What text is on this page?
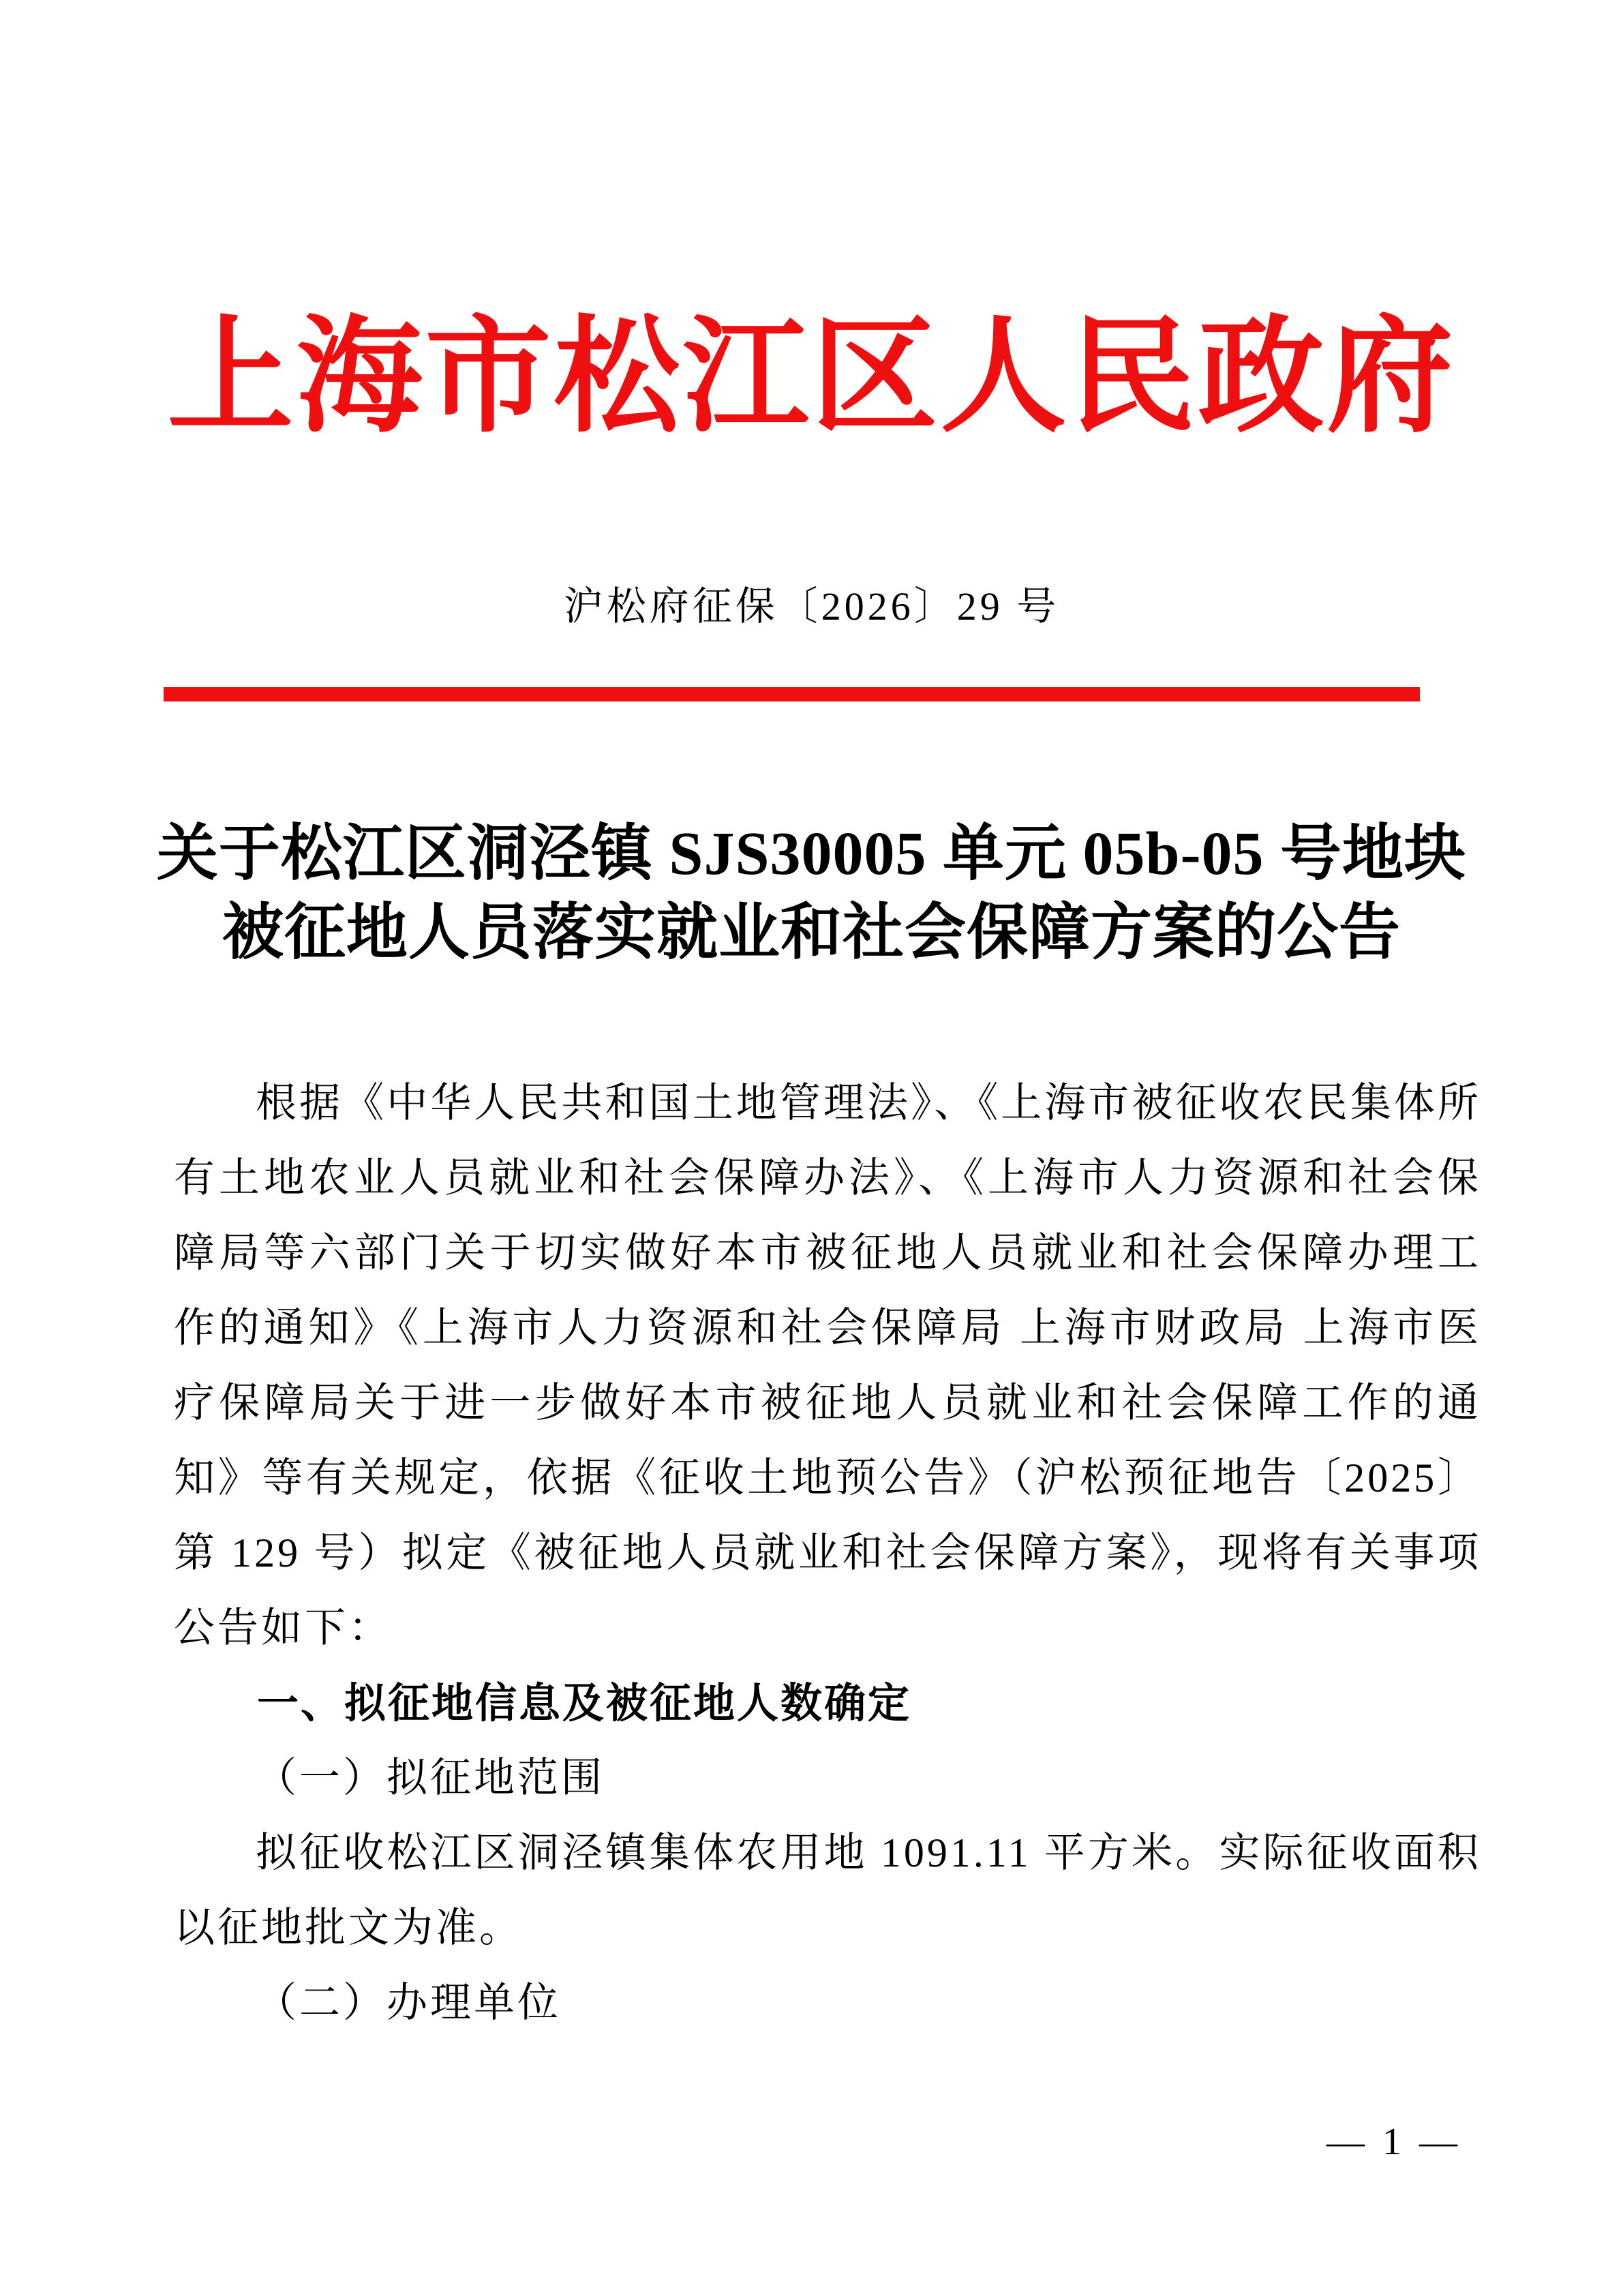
上海市松江区人民政府
沪松府征保〔2026〕29 号
关于松江区洞泾镇 SJS30005 单元 05b-05 号地块
被征地人员落实就业和社会保障方案的公告

根据《中华人民共和国土地管理法》、《上海市被征收农民集体所有土地农业人员就业和社会保障办法》、《上海市人力资源和社会保障局等六部门关于切实做好本市被征地人员就业和社会保障办理工作的通知》《上海市人力资源和社会保障局 上海市财政局 上海市医疗保障局关于进一步做好本市被征地人员就业和社会保障工作的通知》等有关规定，依据《征收土地预公告》（沪松预征地告〔2025〕第 129 号）拟定《被征地人员就业和社会保障方案》，现将有关事项公告如下：

一、拟征地信息及被征地人数确定

（一）拟征地范围

拟征收松江区洞泾镇集体农用地 1091.11 平方米。实际征收面积以征地批文为准。

（二）办理单位

— 1 —
